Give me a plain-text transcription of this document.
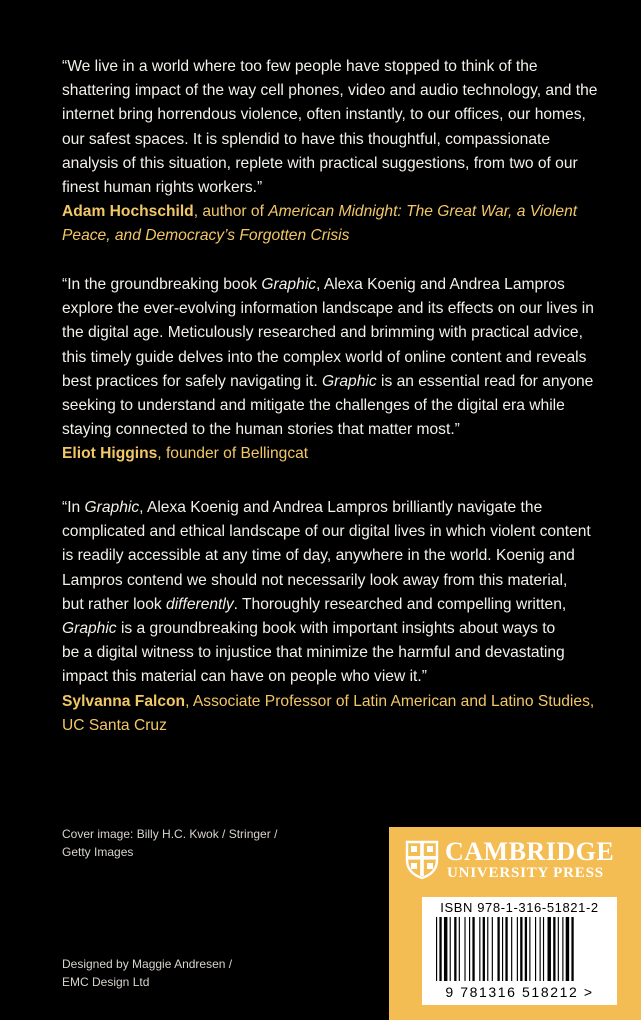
“We live in a world where too few people have stopped to think of the
shattering impact of the way cell phones, video and audio technology, and the
internet bring horrendous violence, often instantly, to our offices, our homes,
our safest spaces. It is splendid to have this thoughtful, compassionate
analysis of this situation, replete with practical suggestions, from two of our
finest human rights workers.”
Adam Hochschild, author of American Midnight: The Great War, a Violent
Peace, and Democracy’s Forgotten Crisis
“In the groundbreaking book Graphic, Alexa Koenig and Andrea Lampros
explore the ever-evolving information landscape and its effects on our lives in
the digital age. Meticulously researched and brimming with practical advice,
this timely guide delves into the complex world of online content and reveals
best practices for safely navigating it. Graphic is an essential read for anyone
seeking to understand and mitigate the challenges of the digital era while
staying connected to the human stories that matter most.”
Eliot Higgins, founder of Bellingcat
“In Graphic, Alexa Koenig and Andrea Lampros brilliantly navigate the
complicated and ethical landscape of our digital lives in which violent content
is readily accessible at any time of day, anywhere in the world. Koenig and
Lampros contend we should not necessarily look away from this material,
but rather look differently. Thoroughly researched and compelling written,
Graphic is a groundbreaking book with important insights about ways to
be a digital witness to injustice that minimize the harmful and devastating
impact this material can have on people who view it.”
Sylvanna Falcon, Associate Professor of Latin American and Latino Studies,
UC Santa Cruz
Cover image: Billy H.C. Kwok / Stringer /
Getty Images
Designed by Maggie Andresen /
EMC Design Ltd
CAMBRIDGE
UNIVERSITY PRESS
ISBN 978-1-316-51821-2
9 781316 518212 >
